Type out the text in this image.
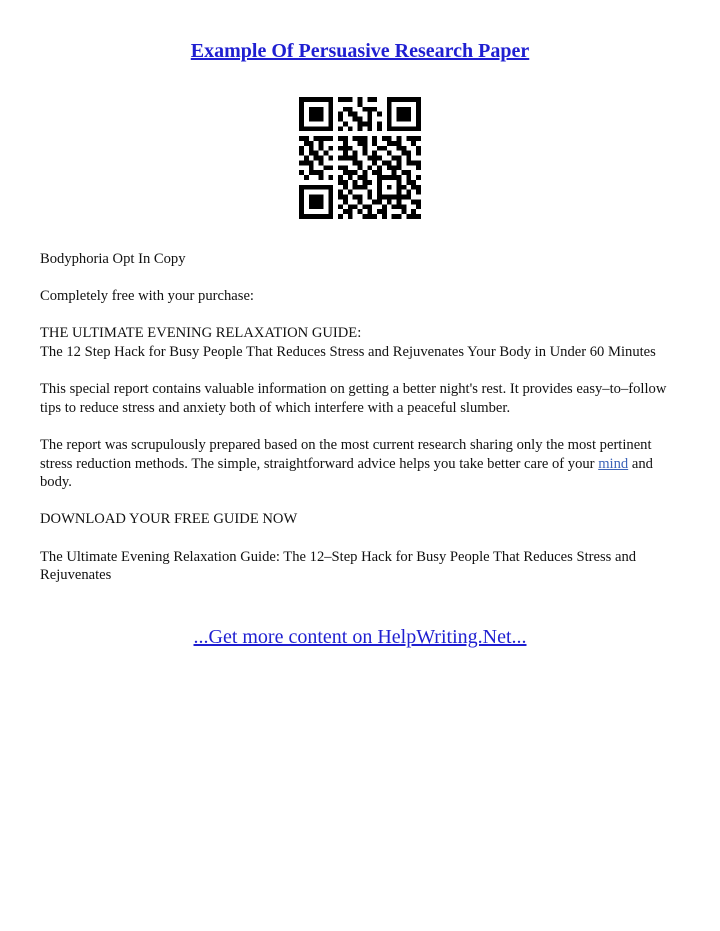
Example Of Persuasive Research Paper

Bodyphoria Opt In Copy

Completely free with your purchase:

THE ULTIMATE EVENING RELAXATION GUIDE:
The 12 Step Hack for Busy People That Reduces Stress and Rejuvenates Your Body in Under 60 Minutes

This special report contains valuable information on getting a better night's rest. It provides easy–to–follow tips to reduce stress and anxiety both of which interfere with a peaceful slumber.

The report was scrupulously prepared based on the most current research sharing only the most pertinent stress reduction methods. The simple, straightforward advice helps you take better care of your mind and body.

DOWNLOAD YOUR FREE GUIDE NOW

The Ultimate Evening Relaxation Guide: The 12–Step Hack for Busy People That Reduces Stress and Rejuvenates

...Get more content on HelpWriting.Net...
